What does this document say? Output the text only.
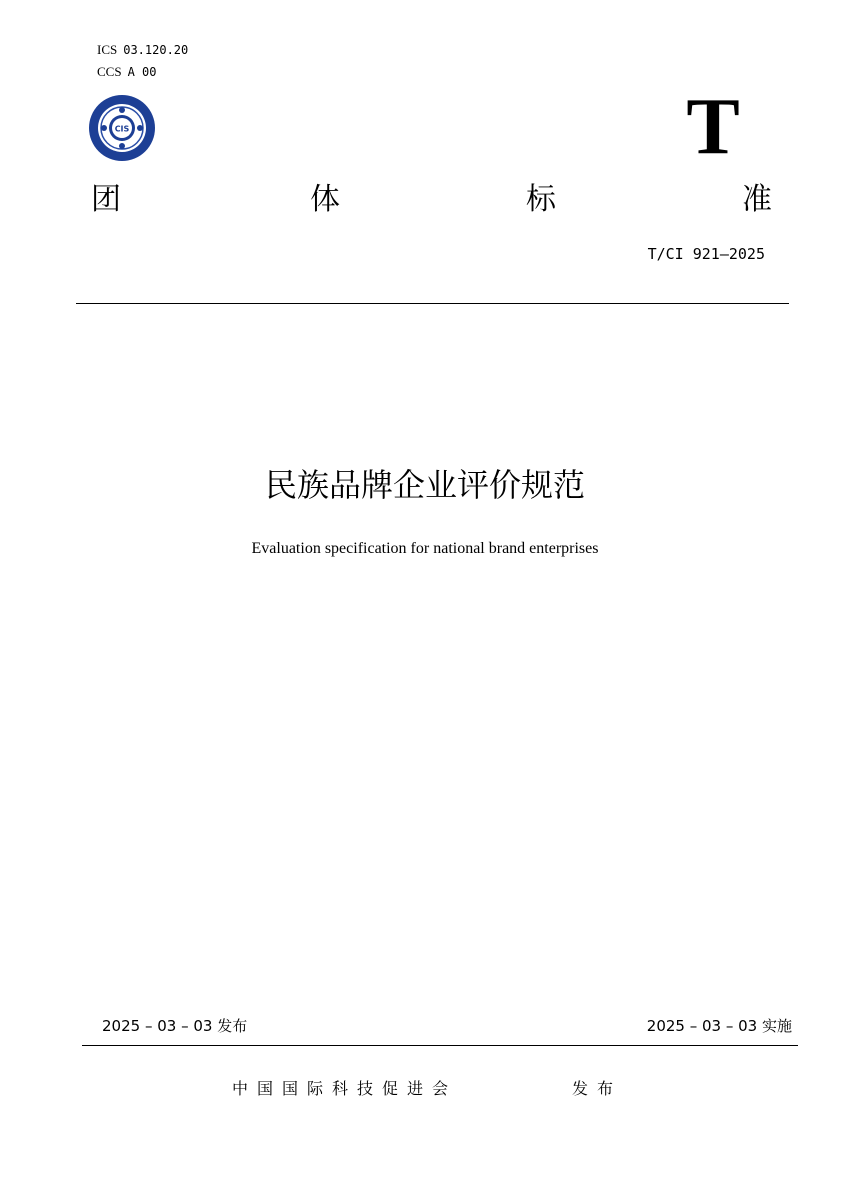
ICS 03.120.20
CCS A 00
CIS	T
团	体	标	准
T/CI 921—2025
民族品牌企业评价规范
Evaluation specification for national brand enterprises
2025 – 03 – 03 发布	2025 – 03 – 03 实施
中国国际科技促进会	发布
